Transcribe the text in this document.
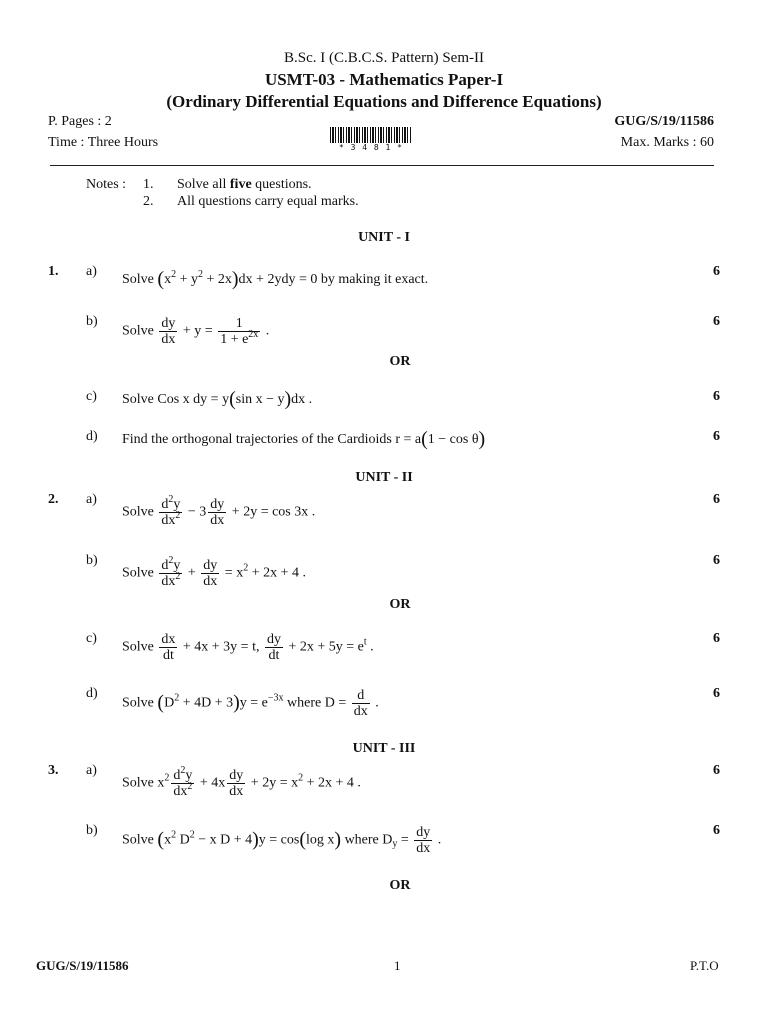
B.Sc. I (C.B.C.S. Pattern) Sem-II
USMT-03 - Mathematics Paper-I
(Ordinary Differential Equations and Difference Equations)
P. Pages : 2	GUG/S/19/11586
Time : Three Hours	Max. Marks : 60
* 3 4 8 1 *
Notes : 1. Solve all five questions.
2. All questions carry equal marks.
UNIT - I
1. a)
Solve $(x^2 + y^2 + 2x)dx + 2ydy = 0$ by making it exact.
6
b)
Solve $\frac{dy}{dx} + y = \frac{1}{1 + e^{2x}}$ .
6
OR
c) Solve Cos x dy = y(sin x − y)dx .	6
d) Find the orthogonal trajectories of the Cardioids r = a(1 − cos θ)	6
UNIT - II
2. a)
Solve $\frac{d^2y}{dx^2} - 3 \frac{dy}{dx} + 2y = \cos 3x$ .
6
b)
Solve $\frac{d^2y}{dx^2} + \frac{dy}{dx} = x^2 + 2x + 4$ .
6
OR
c)
Solve $\frac{dx}{dt} + 4x + 3y = t$, $\frac{dy}{dt} + 2x + 5y = e^t$ .
6
d)
Solve $(D^2 + 4D + 3)y = e^{-3x}$ where $D = \frac{d}{dx}$ .
6
UNIT - III
3. a)
Solve $x^2 \frac{d^2y}{dx^2} + 4x \frac{dy}{dx} + 2y = x^2 + 2x + 4$ .
6
b)
Solve ($x^2$ $D^2 - x$ D + 4)y = cos(log x) where $D_y = \frac{dy}{dx}$ .
6
OR
GUG/S/19/11586	1	P.T.O
